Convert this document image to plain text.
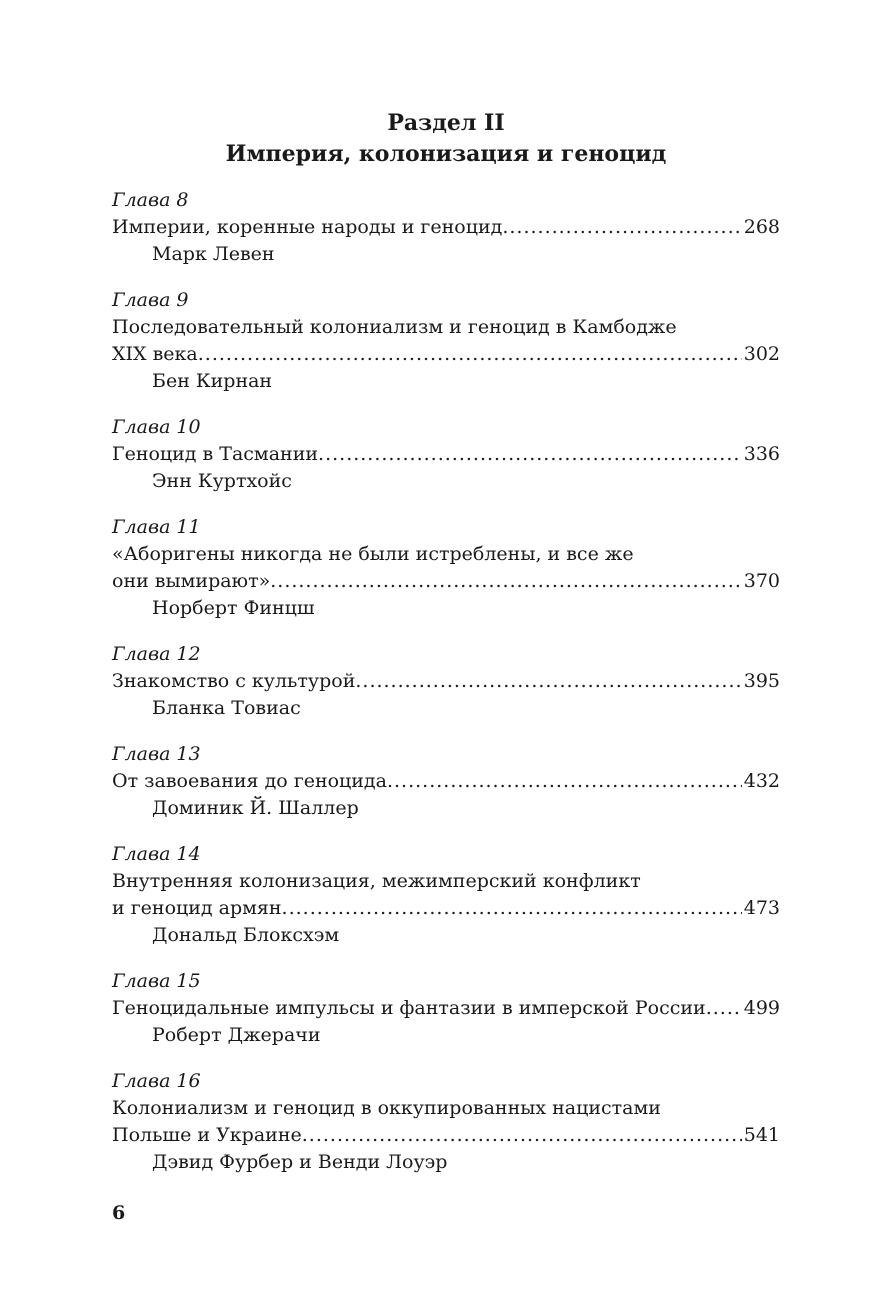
Раздел II
Империя, колонизация и геноцид
Глава 8
Империи, коренные народы и геноцид .....	268
Марк Левен
Глава 9
Последовательный колониализм и геноцид в Камбодже
XIX века .....	302
Бен Кирнан
Глава 10
Геноцид в Тасмании .....	336
Энн Куртхойс
Глава 11
«Аборигены никогда не были истреблены, и все же
они вымирают» .....	370
Норберт Финцш
Глава 12
Знакомство с культурой .....	395
Бланка Товиас
Глава 13
От завоевания до геноцида .....	432
Доминик Й. Шаллер
Глава 14
Внутренняя колонизация, межимперский конфликт
и геноцид армян .....	473
Дональд Блоксхэм
Глава 15
Геноцидальные импульсы и фантазии в имперской России ..... 499
Роберт Джерачи
Глава 16
Колониализм и геноцид в оккупированных нацистами
Польше и Украине .....	541
Дэвид Фурбер и Венди Лоуэр
6
